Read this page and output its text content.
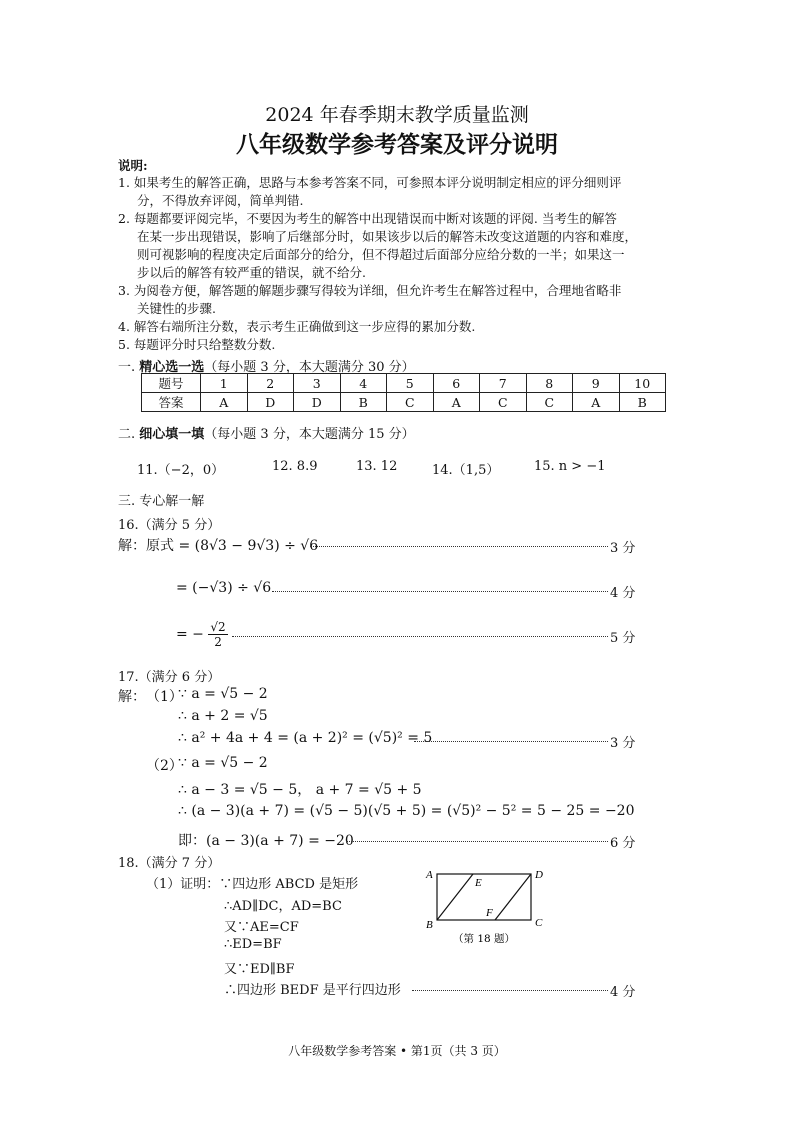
2024 年春季期末教学质量监测
八年级数学参考答案及评分说明
说明:
1. 如果考生的解答正确，思路与本参考答案不同，可参照本评分说明制定相应的评分细则评
分，不得放弃评阅，简单判错.
2. 每题都要评阅完毕，不要因为考生的解答中出现错误而中断对该题的评阅. 当考生的解答
在某一步出现错误，影响了后继部分时，如果该步以后的解答未改变这道题的内容和难度，
则可视影响的程度决定后面部分的给分，但不得超过后面部分应给分数的一半；如果这一
步以后的解答有较严重的错误，就不给分.
3. 为阅卷方便，解答题的解题步骤写得较为详细，但允许考生在解答过程中，合理地省略非
关键性的步骤.
4. 解答右端所注分数，表示考生正确做到这一步应得的累加分数.
5. 每题评分时只给整数分数.
一. 精心选一选（每小题 3 分，本大题满分 30 分）
题号	1	2	3	4	5	6	7	8	9	10
答案	A	D	D	B	C	A	C	C	A	B
二. 细心填一填（每小题 3 分，本大题满分 15 分）
11.（−2，0）	12. 8.9	13. 12	14.（1,5）	15. n > −1
三. 专心解一解
16.（满分 5 分）
解：原式 = (8√3 − 9√3) ÷ √6	3 分
= (−√3) ÷ √6	4 分
= − $\frac{√2}{2}$	5 分
17.（满分 6 分）
解： （1）
∵ a = √5 − 2
∴ a + 2 = √5
∴ a² + 4a + 4 = (a + 2)² = (√5)² = 5	3 分
（2）
∵ a = √5 − 2
∴ a − 3 = √5 − 5， a + 7 = √5 + 5
∴ (a − 3)(a + 7) = (√5 − 5)(√5 + 5) = (√5)² − 5² = 5 − 25 = −20
即：(a − 3)(a + 7) = −20	6 分
18.（满分 7 分）
（1）证明：∵四边形 ABCD 是矩形
∴AD∥DC，AD=BC
又∵AE=CF
∴ED=BF
又∵ED∥BF
∴四边形 BEDF 是平行四边形	4 分
A	D
B	C
E
F
（第 18 题）
八年级数学参考答案 • 第1页（共 3 页）
